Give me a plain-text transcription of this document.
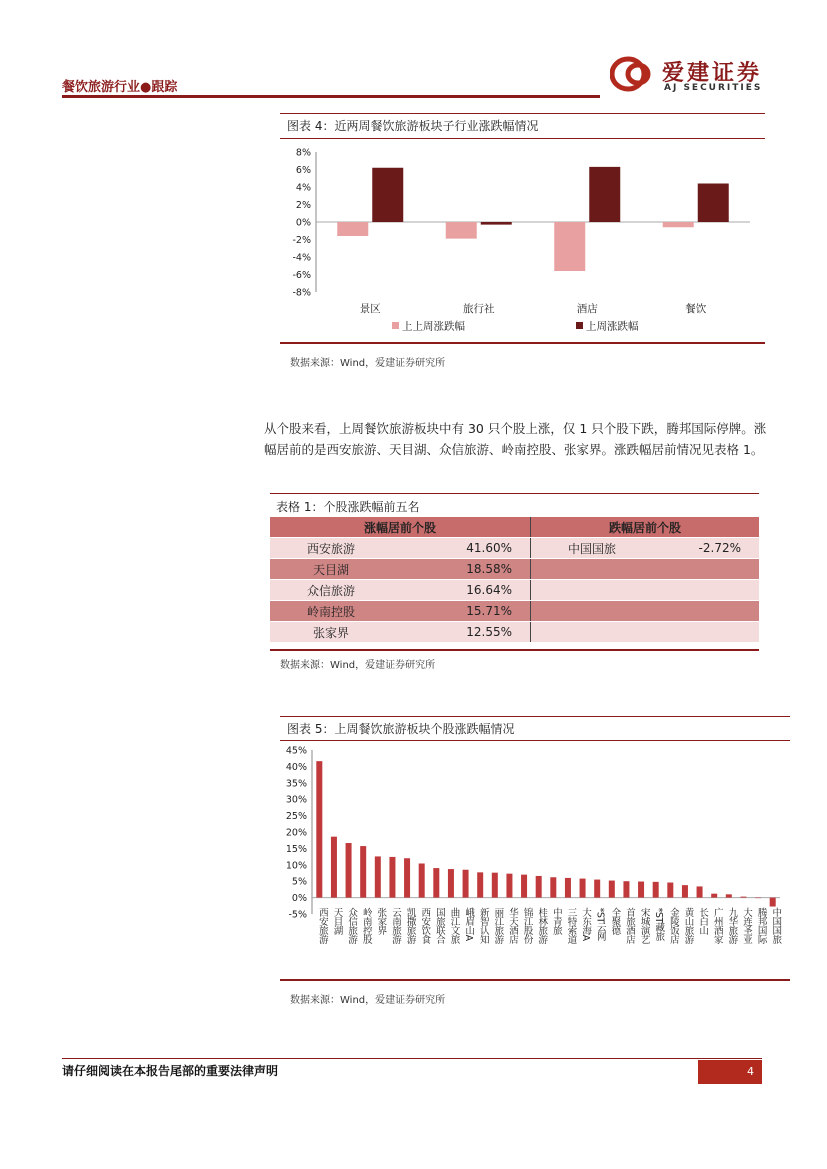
餐饮旅游行业●跟踪
爱建证券
AJ SECURITIES
图表 4：近两周餐饮旅游板块子行业涨跌幅情况
8%
6%
4%
2%
0%
-2%
-4%
-6%
-8%
景区	旅行社	酒店	餐饮
上上周涨跌幅	上周涨跌幅
数据来源：Wind，爱建证券研究所
从个股来看，上周餐饮旅游板块中有 30 只个股上涨，仅 1 只个股下跌，腾邦国际停牌。涨幅居前的是西安旅游、天目湖、众信旅游、岭南控股、张家界。涨跌幅居前情况见表格 1。
表格 1：个股涨跌幅前五名
涨幅居前个股		跌幅居前个股	
西安旅游	41.60%	中国国旅	-2.72%
天目湖	18.58%		
众信旅游	16.64%		
岭南控股	15.71%		
张家界	12.55%		
数据来源：Wind，爱建证券研究所
图表 5：上周餐饮旅游板块个股涨跌幅情况
45%
40%
35%
30%
25%
20%
15%
10%
5%
0%
-5% 西安旅游 天目湖 众信旅游 岭南控股 张家界 云南旅游 凯撒旅游 西安饮食 国旅联合 曲江文旅 峨眉山A 新智认知 丽江旅游 华天酒店 锦江股份 桂林旅游 中青旅 三特索道 大东海A *ST云网 全聚德 首旅酒店 宋城演艺 *ST藏旅 金陵饭店 黄山旅游 长白山 广州酒家 九华旅游 大连圣亚 腾邦国际 中国国旅
数据来源：Wind，爱建证券研究所
请仔细阅读在本报告尾部的重要法律声明	4
